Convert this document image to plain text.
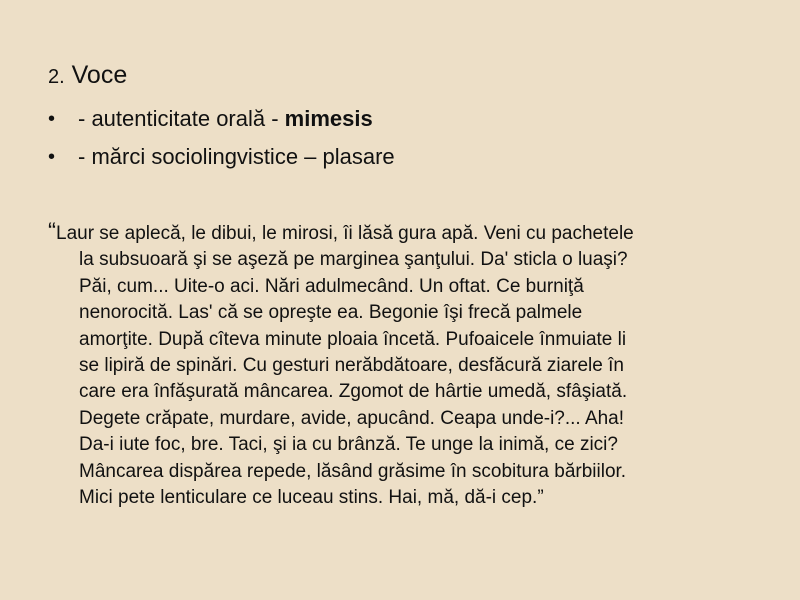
2. Voce
• - autenticitate orală - mimesis
• - mărci sociolingvistice – plasare
“Laur se aplecă, le dibui, le mirosi, îi lăsă gura apă. Veni cu pachetele
la subsuoară şi se aşeză pe marginea şanţului. Da' sticla o luaşi?
Păi, cum... Uite-o aci. Nări adulmecând. Un oftat. Ce burniţă
nenorocită. Las' că se opreşte ea. Begonie îşi frecă palmele
amorţite. După cîteva minute ploaia încetă. Pufoaicele înmuiate li
se lipiră de spinări. Cu gesturi nerăbdătoare, desfăcură ziarele în
care era înfăşurată mâncarea. Zgomot de hârtie umedă, sfâşiată.
Degete crăpate, murdare, avide, apucând. Ceapa unde-i?... Aha!
Da-i iute foc, bre. Taci, şi ia cu brânză. Te unge la inimă, ce zici?
Mâncarea dispărea repede, lăsând grăsime în scobitura bărbiilor.
Mici pete lenticulare ce luceau stins. Hai, mă, dă-i cep.”
